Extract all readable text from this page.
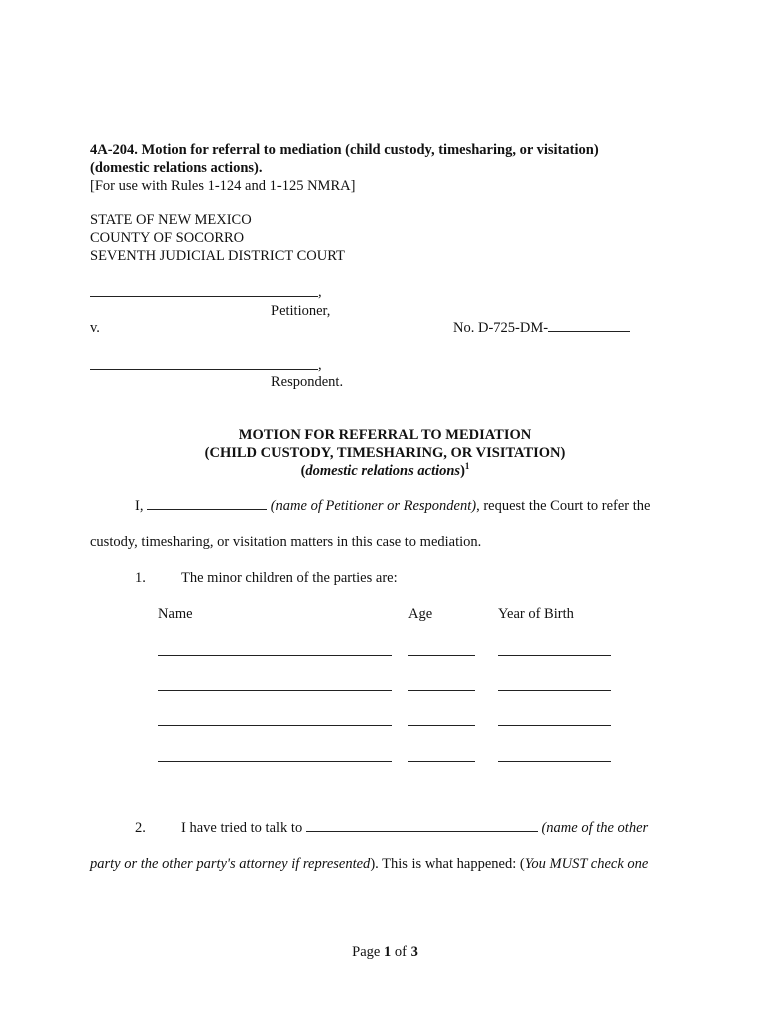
4A-204. Motion for referral to mediation (child custody, timesharing, or visitation)
(domestic relations actions).
[For use with Rules 1-124 and 1-125 NMRA]
STATE OF NEW MEXICO
COUNTY OF SOCORRO
SEVENTH JUDICIAL DISTRICT COURT
,
Petitioner,
v.	No. D-725-DM-
,
Respondent.
MOTION FOR REFERRAL TO MEDIATION
(CHILD CUSTODY, TIMESHARING, OR VISITATION)
(domestic relations actions)$^1$
I,	(name of Petitioner or Respondent), request the Court to refer the
custody, timesharing, or visitation matters in this case to mediation.
1. The minor children of the parties are:
Name	Age	Year of Birth
2. I have tried to talk to	(name of the other
party or the other party's attorney if represented). This is what happened: (You MUST check one
Page 1 of 3
